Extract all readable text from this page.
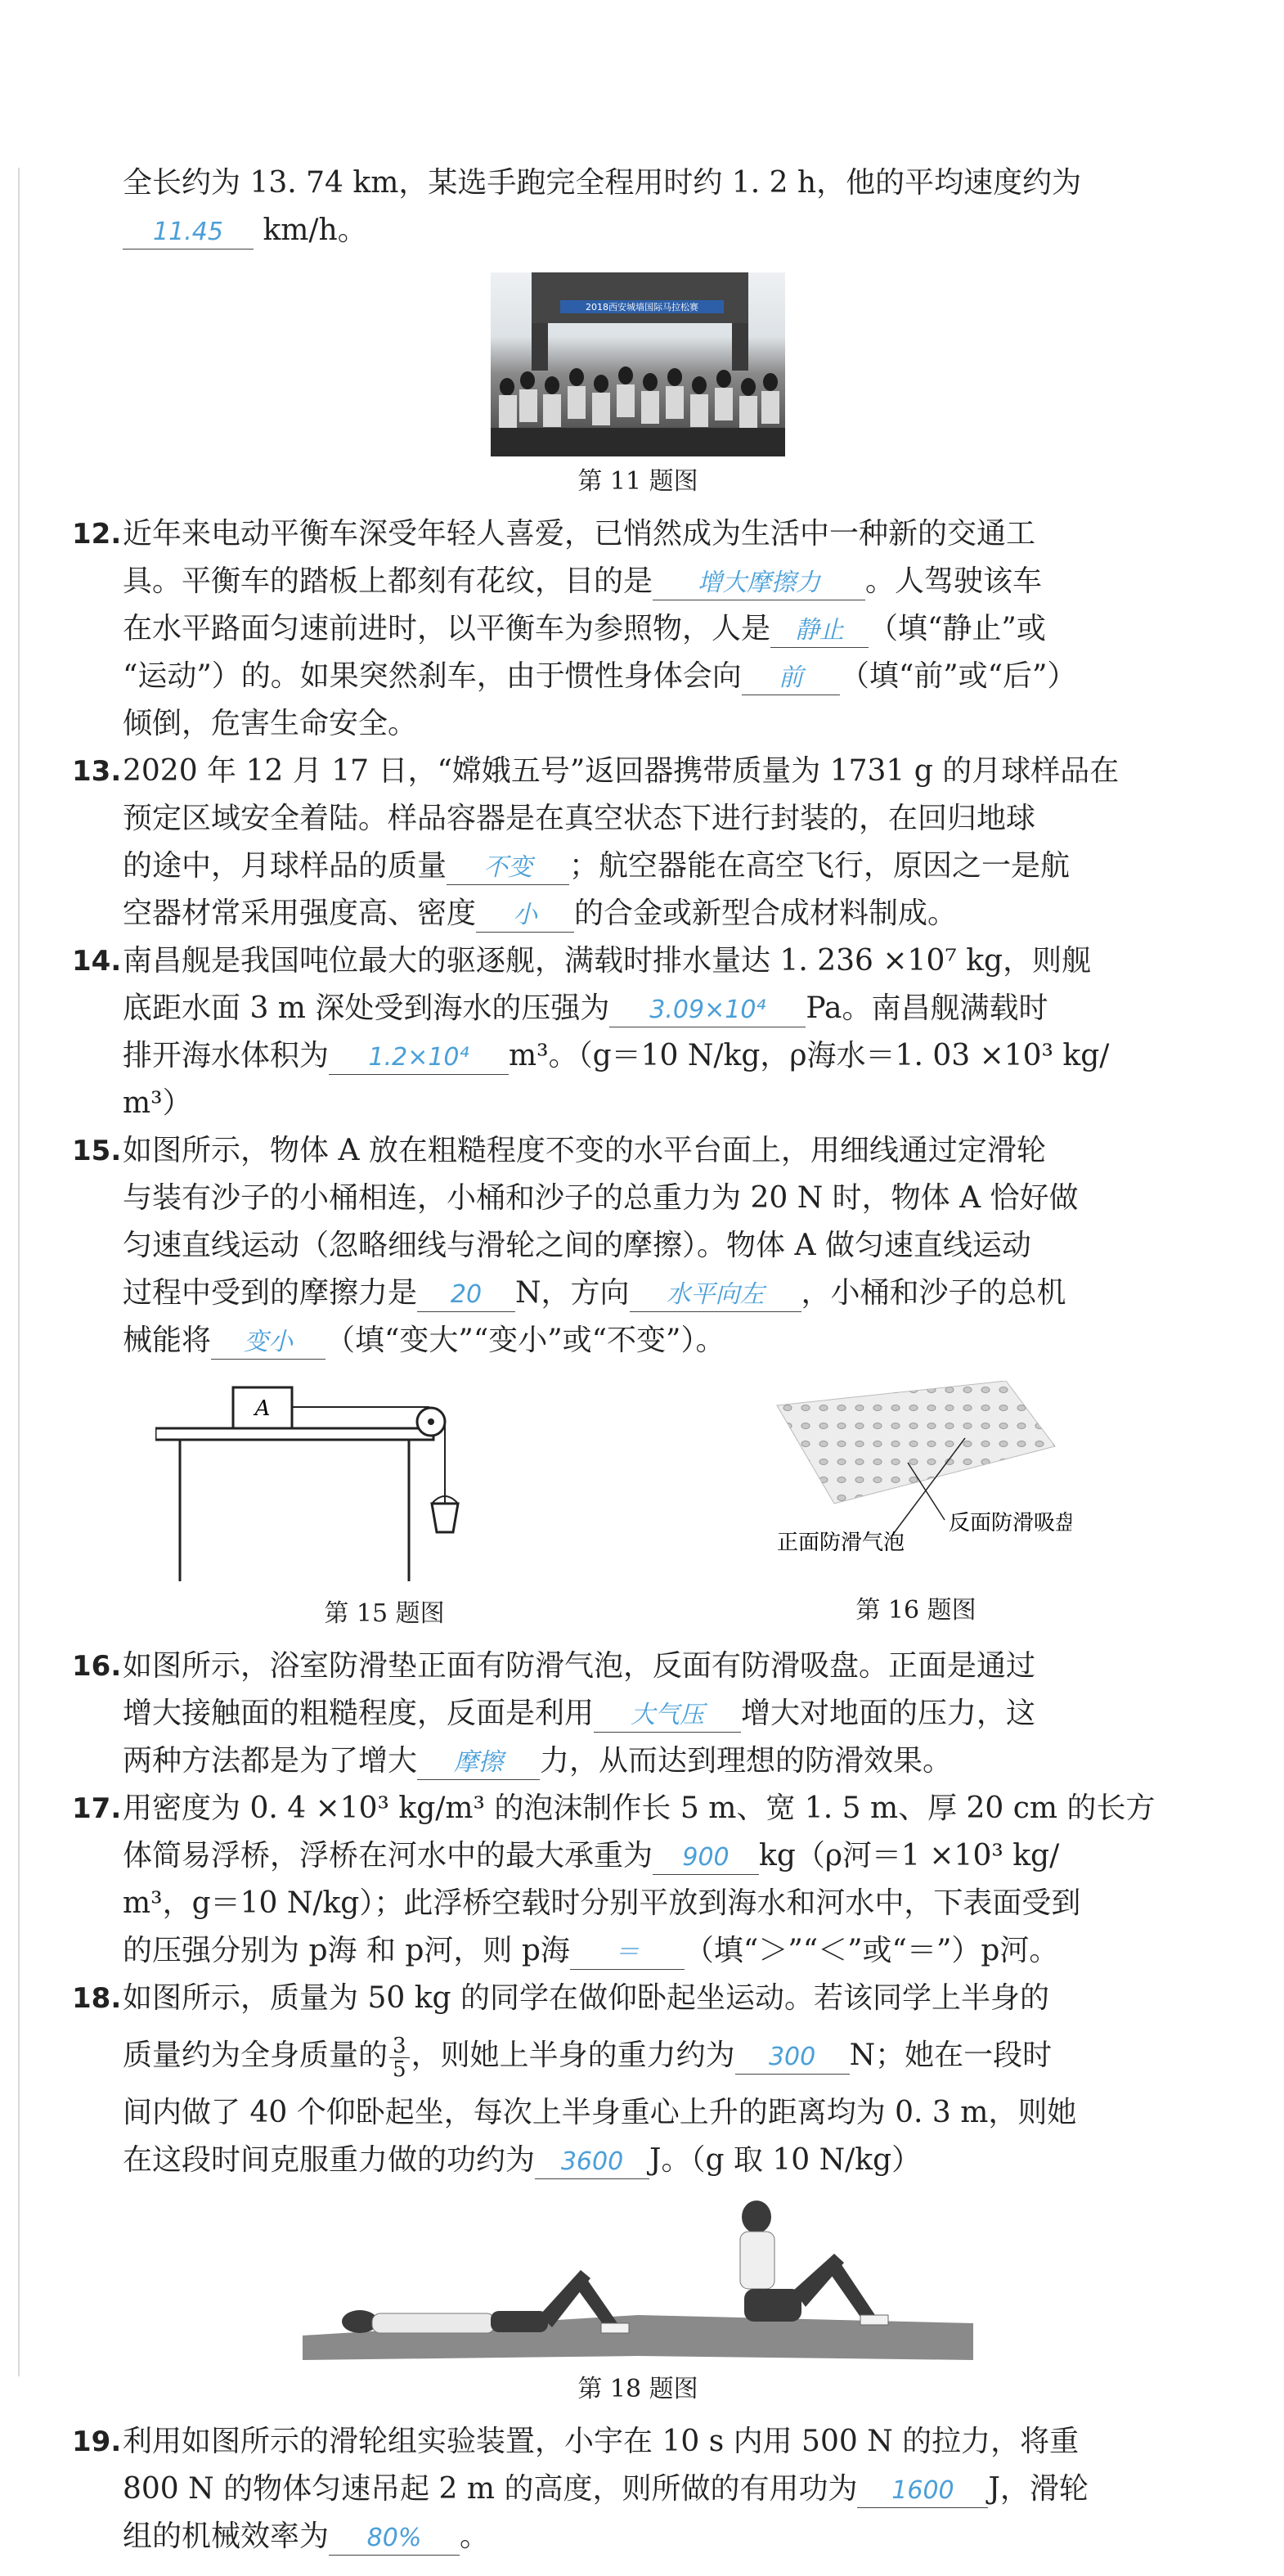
全长约为 13. 74 km，某选手跑完全程用时约 1. 2 h，他的平均速度约为

11.45 km/h。

2018西安城墙国际马拉松赛
第 11 题图
12. 近年来电动平衡车深受年轻人喜爱，已悄然成为生活中一种新的交通工

具。平衡车的踏板上都刻有花纹，目的是 增大摩擦力 。人驾驶该车

在水平路面匀速前进时，以平衡车为参照物，人是 静止 （填“静止”或

“运动”）的。如果突然刹车，由于惯性身体会向 前 （填“前”或“后”）

倾倒，危害生命安全。

13. 2020 年 12 月 17 日，“嫦娥五号”返回器携带质量为 1731 g 的月球样品在

预定区域安全着陆。样品容器是在真空状态下进行封装的，在回归地球

的途中，月球样品的质量 不变 ；航空器能在高空飞行，原因之一是航

空器材常采用强度高、密度 小 的合金或新型合成材料制成。

14. 南昌舰是我国吨位最大的驱逐舰，满载时排水量达 1. 236 ×10⁷ kg，则舰

底距水面 3 m 深处受到海水的压强为 3.09×10⁴ Pa。南昌舰满载时

排开海水体积为 1.2×10⁴ m³。（g＝10 N/kg，ρ海水＝1. 03 ×10³ kg/

m³）

15. 如图所示，物体 A 放在粗糙程度不变的水平台面上，用细线通过定滑轮

与装有沙子的小桶相连，小桶和沙子的总重力为 20 N 时，物体 A 恰好做

匀速直线运动（忽略细线与滑轮之间的摩擦）。物体 A 做匀速直线运动

过程中受到的摩擦力是 20 N，方向 水平向左 ，小桶和沙子的总机

械能将 变小 （填“变大”“变小”或“不变”）。

A
第 15 题图
反面防滑吸盘
正面防滑气泡
第 16 题图
16. 如图所示，浴室防滑垫正面有防滑气泡，反面有防滑吸盘。正面是通过

增大接触面的粗糙程度，反面是利用 大气压 增大对地面的压力，这

两种方法都是为了增大 摩擦 力，从而达到理想的防滑效果。

17. 用密度为 0. 4 ×10³ kg/m³ 的泡沫制作长 5 m、宽 1. 5 m、厚 20 cm 的长方

体简易浮桥，浮桥在河水中的最大承重为 900 kg（ρ河＝1 ×10³ kg/

m³，g＝10 N/kg）；此浮桥空载时分别平放到海水和河水中，下表面受到

的压强分别为 p海 和 p河，则 p海 ＝ （填“＞”“＜”或“＝”）p河。

18. 如图所示，质量为 50 kg 的同学在做仰卧起坐运动。若该同学上半身的

质量约为全身质量的 $\frac{3}{5}$ ，则她上半身的重力约为 300 N；她在一段时

间内做了 40 个仰卧起坐，每次上半身重心上升的距离均为 0. 3 m，则她

在这段时间克服重力做的功约为 3600 J。（g 取 10 N/kg）

第 18 题图
19. 利用如图所示的滑轮组实验装置，小宇在 10 s 内用 500 N 的拉力，将重

800 N 的物体匀速吊起 2 m 的高度，则所做的有用功为 1600 J，滑轮

组的机械效率为 80% 。
